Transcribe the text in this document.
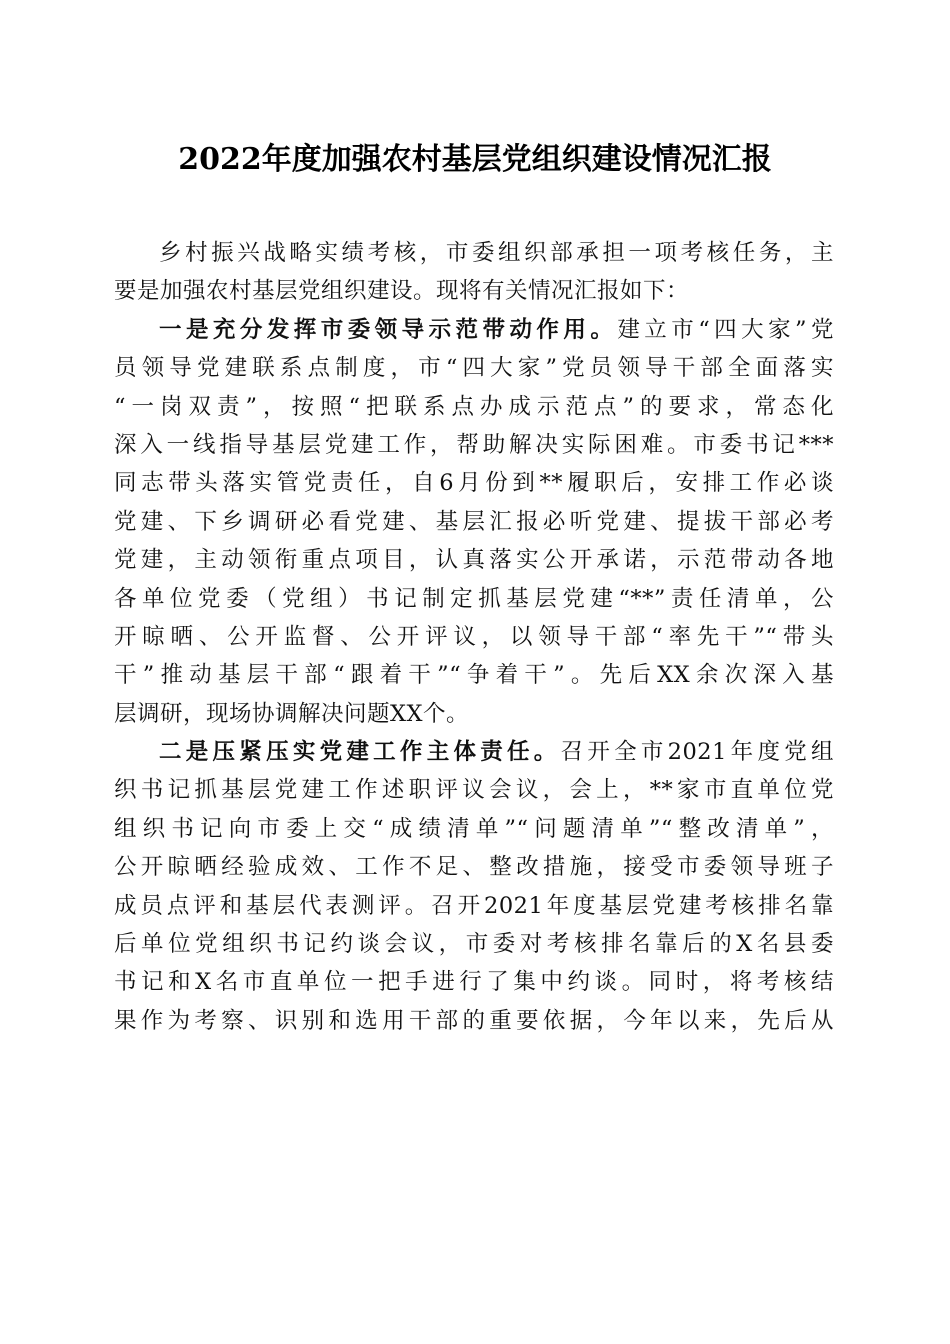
2022年度加强农村基层党组织建设情况汇报
乡村振兴战略实绩考核，市委组织部承担一项考核任务，主
要是加强农村基层党组织建设。现将有关情况汇报如下：
一是充分发挥市委领导示范带动作用。建立市“四大家”党
员领导党建联系点制度，市“四大家”党员领导干部全面落实
“一岗双责”，按照“把联系点办成示范点”的要求，常态化
深入一线指导基层党建工作，帮助解决实际困难。市委书记***
同志带头落实管党责任，自6月份到**履职后，安排工作必谈
党建、下乡调研必看党建、基层汇报必听党建、提拔干部必考
党建，主动领衔重点项目，认真落实公开承诺，示范带动各地
各单位党委（党组）书记制定抓基层党建“**”责任清单，公
开晾晒、公开监督、公开评议，以领导干部“率先干”“带头
干”推动基层干部“跟着干”“争着干”。先后XX余次深入基
层调研，现场协调解决问题XX个。
二是压紧压实党建工作主体责任。召开全市2021年度党组
织书记抓基层党建工作述职评议会议，会上，**家市直单位党
组织书记向市委上交“成绩清单”“问题清单”“整改清单”，
公开晾晒经验成效、工作不足、整改措施，接受市委领导班子
成员点评和基层代表测评。召开2021年度基层党建考核排名靠
后单位党组织书记约谈会议，市委对考核排名靠后的X名县委
书记和X名市直单位一把手进行了集中约谈。同时，将考核结
果作为考察、识别和选用干部的重要依据，今年以来，先后从
